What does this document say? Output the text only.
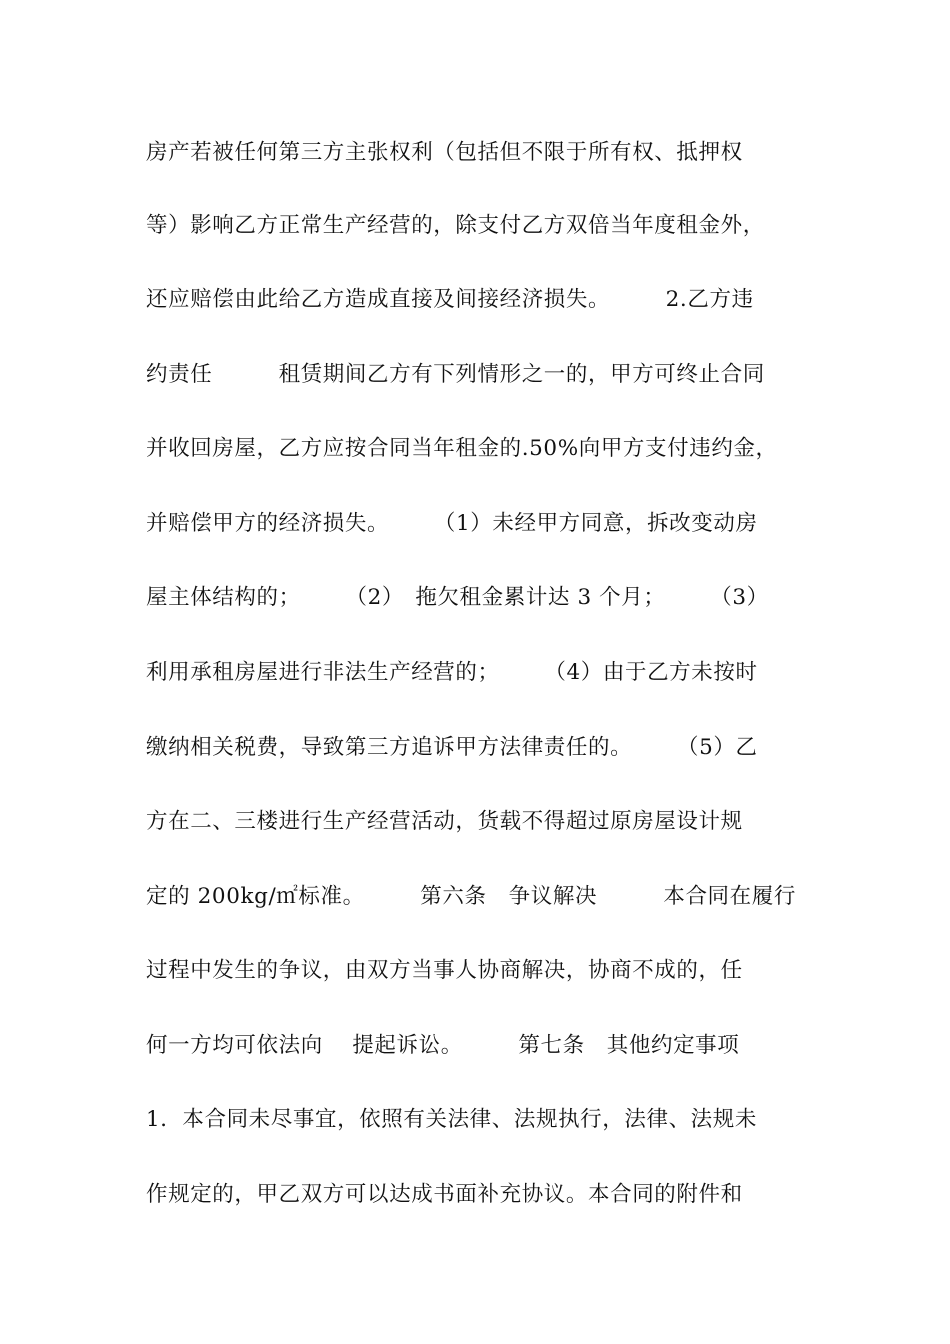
房产若被任何第三方主张权利（包括但不限于所有权、抵押权
等）影响乙方正常生产经营的，除支付乙方双倍当年度租金外，
还应赔偿由此给乙方造成直接及间接经济损失。　　　2.乙方违
约责任　　　租赁期间乙方有下列情形之一的，甲方可终止合同
并收回房屋，乙方应按合同当年租金的.50%向甲方支付违约金，
并赔偿甲方的经济损失。　　　（1）未经甲方同意，拆改变动房
屋主体结构的；　　　（2）　拖欠租金累计达 3 个月；　　　（3）
利用承租房屋进行非法生产经营的；　　　（4）由于乙方未按时
缴纳相关税费，导致第三方追诉甲方法律责任的。　　　（5）乙
方在二、三楼进行生产经营活动，货载不得超过原房屋设计规
定的 200kg/㎡标准。　　　第六条　争议解决　　　本合同在履行
过程中发生的争议，由双方当事人协商解决，协商不成的，任
何一方均可依法向　 提起诉讼。　　　第七条　其他约定事项
1．本合同未尽事宜，依照有关法律、法规执行，法律、法规未
作规定的，甲乙双方可以达成书面补充协议。本合同的附件和
